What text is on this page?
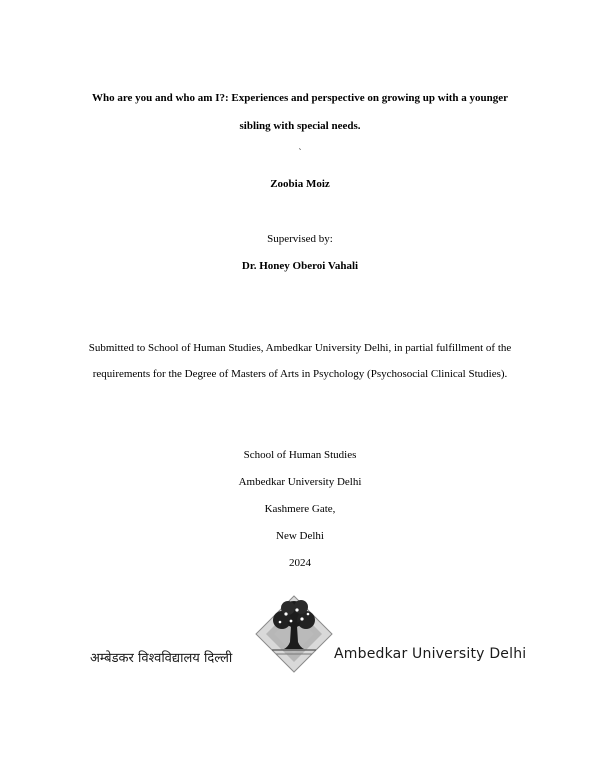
Who are you and who am I?: Experiences and perspective on growing up with a younger
sibling with special needs.
`
Zoobia Moiz
Supervised by:
Dr. Honey Oberoi Vahali
Submitted to School of Human Studies, Ambedkar University Delhi, in partial fulfillment of the
requirements for the Degree of Masters of Arts in Psychology (Psychosocial Clinical Studies).
School of Human Studies
Ambedkar University Delhi
Kashmere Gate,
New Delhi
2024
अम्बेडकर विश्वविद्यालय दिल्ली	Ambedkar University Delhi
